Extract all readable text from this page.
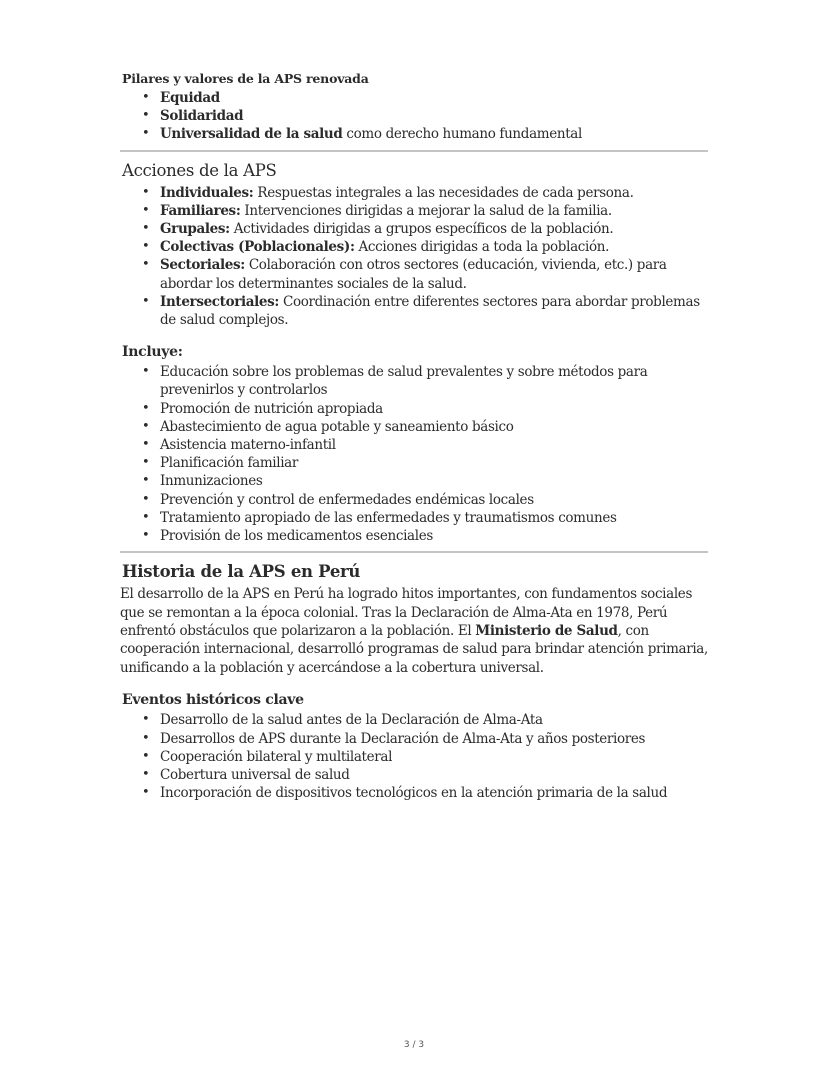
Pilares y valores de la APS renovada
• Equidad
• Solidaridad
• Universalidad de la salud como derecho humano fundamental
Acciones de la APS
• Individuales: Respuestas integrales a las necesidades de cada persona.
• Familiares: Intervenciones dirigidas a mejorar la salud de la familia.
• Grupales: Actividades dirigidas a grupos específicos de la población.
• Colectivas (Poblacionales): Acciones dirigidas a toda la población.
• Sectoriales: Colaboración con otros sectores (educación, vivienda, etc.) para abordar los determinantes sociales de la salud.
• Intersectoriales: Coordinación entre diferentes sectores para abordar problemas de salud complejos.
Incluye:
• Educación sobre los problemas de salud prevalentes y sobre métodos para prevenirlos y controlarlos
• Promoción de nutrición apropiada
• Abastecimiento de agua potable y saneamiento básico
• Asistencia materno-infantil
• Planificación familiar
• Inmunizaciones
• Prevención y control de enfermedades endémicas locales
• Tratamiento apropiado de las enfermedades y traumatismos comunes
• Provisión de los medicamentos esenciales
Historia de la APS en Perú

El desarrollo de la APS en Perú ha logrado hitos importantes, con fundamentos sociales que se remontan a la época colonial. Tras la Declaración de Alma-Ata en 1978, Perú enfrentó obstáculos que polarizaron a la población. El Ministerio de Salud, con cooperación internacional, desarrolló programas de salud para brindar atención primaria, unificando a la población y acercándose a la cobertura universal.

Eventos históricos clave
• Desarrollo de la salud antes de la Declaración de Alma-Ata
• Desarrollos de APS durante la Declaración de Alma-Ata y años posteriores
• Cooperación bilateral y multilateral
• Cobertura universal de salud
• Incorporación de dispositivos tecnológicos en la atención primaria de la salud
3 / 3
